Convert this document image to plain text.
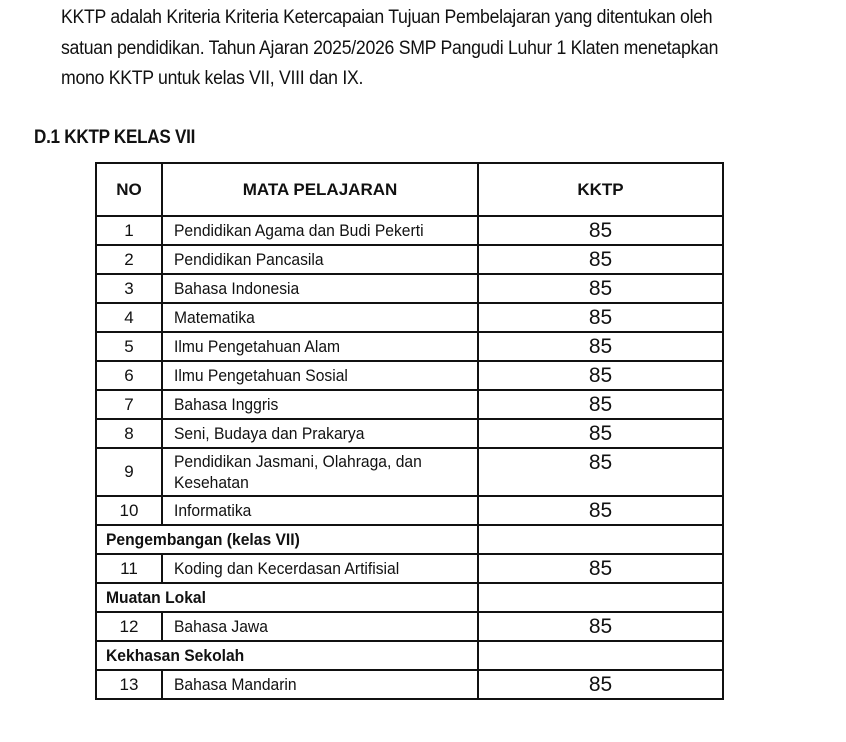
KKTP adalah Kriteria Kriteria Ketercapaian Tujuan Pembelajaran yang ditentukan oleh
satuan pendidikan. Tahun Ajaran 2025/2026 SMP Pangudi Luhur 1 Klaten menetapkan
mono KKTP untuk kelas VII, VIII dan IX.
D.1 KKTP KELAS VII
NO	MATA PELAJARAN	KKTP
1	Pendidikan Agama dan Budi Pekerti	85
2	Pendidikan Pancasila	85
3	Bahasa Indonesia	85
4	Matematika	85
5	Ilmu Pengetahuan Alam	85
6	Ilmu Pengetahuan Sosial	85
7	Bahasa Inggris	85
8	Seni, Budaya dan Prakarya	85
9	Pendidikan Jasmani, Olahraga, dan
Kesehatan	85
10	Informatika	85
Pengembangan (kelas VII)		
11	Koding dan Kecerdasan Artifisial	85
Muatan Lokal		
12	Bahasa Jawa	85
Kekhasan Sekolah		
13	Bahasa Mandarin	85
